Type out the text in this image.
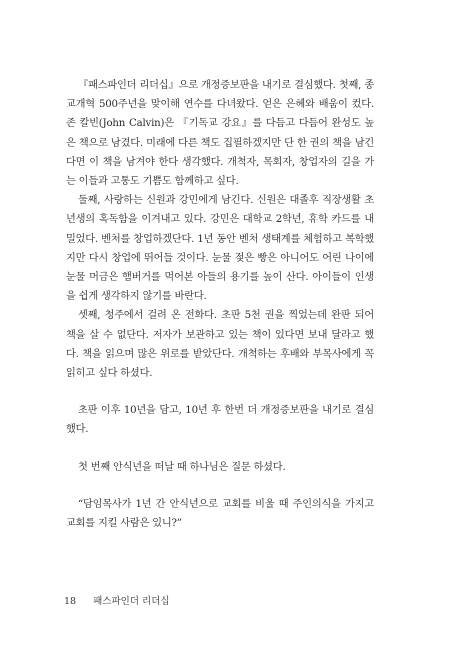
『패스파인더 리더십』으로 개정증보판을 내기로 결심했다. 첫째, 종교개혁 500주년을 맞이해 연수를 다녀왔다. 얻은 은혜와 배움이 컸다. 존 칼빈(John Calvin)은 『기독교 강요』를 다듬고 다듬어 완성도 높은 책으로 남겼다. 미래에 다른 책도 집필하겠지만 단 한 권의 책을 남긴다면 이 책을 남겨야 한다 생각했다. 개척자, 목회자, 창업자의 길을 가는 이들과 고통도 기쁨도 함께하고 싶다.

둘째, 사랑하는 신원과 강민에게 남긴다. 신원은 대졸후 직장생활 초년생의 혹독함을 이겨내고 있다. 강민은 대학교 2학년, 휴학 카드를 내밀었다. 벤처를 창업하겠단다. 1년 동안 벤처 생태계를 체험하고 복학했지만 다시 창업에 뛰어들 것이다. 눈물 젖은 빵은 아니어도 어린 나이에 눈물 머금은 햄버거를 먹어본 아들의 용기를 높이 산다. 아이들이 인생을 쉽게 생각하지 않기를 바란다.

셋째, 청주에서 걸려 온 전화다. 초판 5천 권을 찍었는데 완판 되어 책을 살 수 없단다. 저자가 보관하고 있는 책이 있다면 보내 달라고 했다. 책을 읽으며 많은 위로를 받았단다. 개척하는 후배와 부목사에게 꼭 읽히고 싶다 하셨다.

초판 이후 10년을 담고, 10년 후 한번 더 개정증보판을 내기로 결심했다.

첫 번째 안식년을 떠날 때 하나님은 질문 하셨다.

“담임목사가 1년 간 안식년으로 교회를 비울 때 주인의식을 가지고 교회를 지킬 사람은 있니?”

18 패스파인더 리더십
